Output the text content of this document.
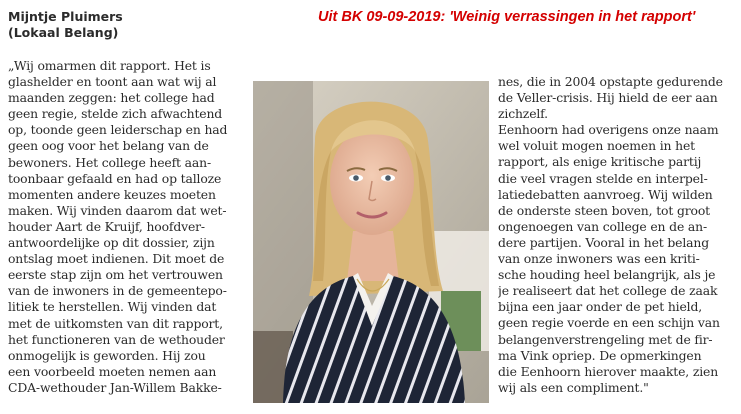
Mijntje Pluimers
(Lokaal Belang)
Uit BK 09-09-2019: 'Weinig verrassingen in het rapport'
„Wij omarmen dit rapport. Het is
glashelder en toont aan wat wij al
maanden zeggen: het college had
geen regie, stelde zich afwachtend
op, toonde geen leiderschap en had
geen oog voor het belang van de
bewoners. Het college heeft aan-
toonbaar gefaald en had op talloze
momenten andere keuzes moeten
maken. Wij vinden daarom dat wet-
houder Aart de Kruijf, hoofdver-
antwoordelijke op dit dossier, zijn
ontslag moet indienen. Dit moet de
eerste stap zijn om het vertrouwen
van de inwoners in de gemeentepo-
litiek te herstellen. Wij vinden dat
met de uitkomsten van dit rapport,
het functioneren van de wethouder
onmogelijk is geworden. Hij zou
een voorbeeld moeten nemen aan
CDA-wethouder Jan-Willem Bakke-
nes, die in 2004 opstapte gedurende
de Veller-crisis. Hij hield de eer aan
zichzelf.
Eenhoorn had overigens onze naam
wel voluit mogen noemen in het
rapport, als enige kritische partij
die veel vragen stelde en interpel-
latiedebatten aanvroeg. Wij wilden
de onderste steen boven, tot groot
ongenoegen van college en de an-
dere partijen. Vooral in het belang
van onze inwoners was een kriti-
sche houding heel belangrijk, als je
je realiseert dat het college de zaak
bijna een jaar onder de pet hield,
geen regie voerde en een schijn van
belangenverstrengeling met de fir-
ma Vink opriep. De opmerkingen
die Eenhoorn hierover maakte, zien
wij als een compliment."
